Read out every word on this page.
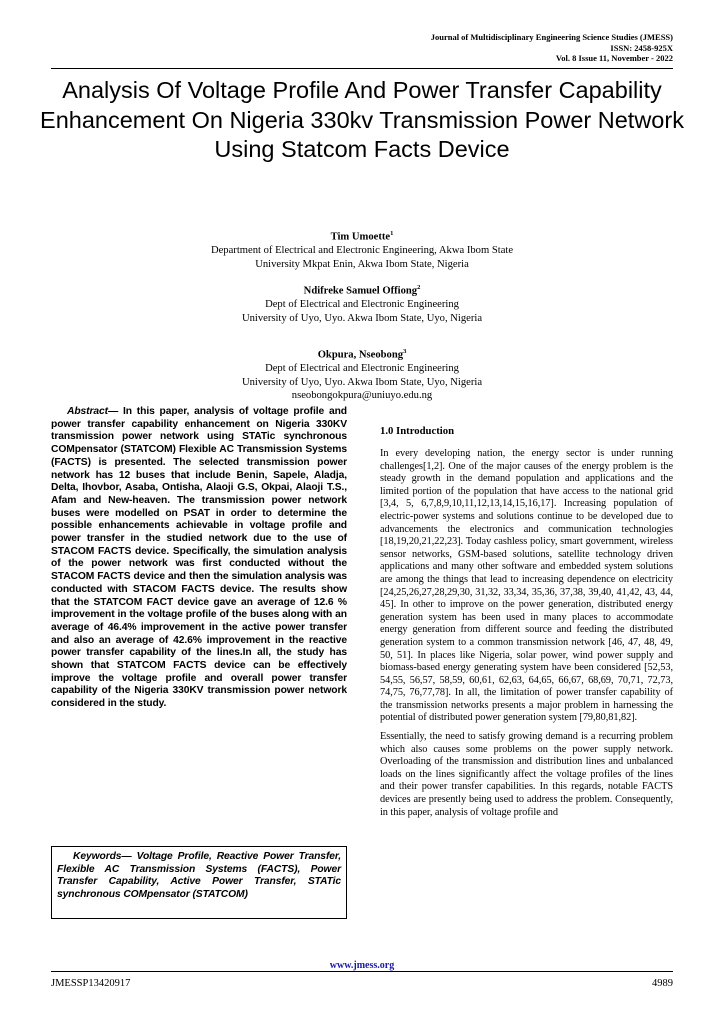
Journal of Multidisciplinary Engineering Science Studies (JMESS)
ISSN: 2458-925X
Vol. 8 Issue 11, November - 2022
Analysis Of Voltage Profile And Power Transfer Capability Enhancement On Nigeria 330kv Transmission Power Network Using Statcom Facts Device
Tim Umoette$^1$
Department of Electrical and Electronic Engineering, Akwa Ibom State
University Mkpat Enin, Akwa Ibom State, Nigeria
Ndifreke Samuel Offiong$^2$
Dept of Electrical and Electronic Engineering
University of Uyo, Uyo. Akwa Ibom State, Uyo, Nigeria
Okpura, Nseobong$^3$
Dept of Electrical and Electronic Engineering
University of Uyo, Uyo. Akwa Ibom State, Uyo, Nigeria
nseobongokpura@uniuyo.edu.ng

Abstract— In this paper, analysis of voltage profile and power transfer capability enhancement on Nigeria 330KV transmission power network using STATic synchronous COMpensator (STATCOM) Flexible AC Transmission Systems (FACTS) is presented. The selected transmission power network has 12 buses that include Benin, Sapele, Aladja, Delta, Ihovbor, Asaba, Ontisha, Alaoji G.S, Okpai, Alaoji T.S., Afam and New-heaven. The transmission power network buses were modelled on PSAT in order to determine the possible enhancements achievable in voltage profile and power transfer in the studied network due to the use of STACOM FACTS device. Specifically, the simulation analysis of the power network was first conducted without the STACOM FACTS device and then the simulation analysis was conducted with STACOM FACTS device. The results show that the STATCOM FACT device gave an average of 12.6 % improvement in the voltage profile of the buses along with an average of 46.4% improvement in the active power transfer and also an average of 42.6% improvement in the reactive power transfer capability of the lines.In all, the study has shown that STATCOM FACTS device can be effectively improve the voltage profile and overall power transfer capability of the Nigeria 330KV transmission power network considered in the study.

Keywords— Voltage Profile, Reactive Power Transfer, Flexible AC Transmission Systems (FACTS), Power Transfer Capability, Active Power Transfer, STATic synchronous COMpensator (STATCOM)

1.0 Introduction

In every developing nation, the energy sector is under running challenges[1,2]. One of the major causes of the energy problem is the steady growth in the demand population and applications and the limited portion of the population that have access to the national grid [3,4, 5, 6,7,8,9,10,11,12,13,14,15,16,17]. Increasing population of electric-power systems and solutions continue to be developed due to advancements the electronics and communication technologies [18,19,20,21,22,23]. Today cashless policy, smart government, wireless sensor networks, GSM-based solutions, satellite technology driven applications and many other software and embedded system solutions are among the things that lead to increasing dependence on electricity [24,25,26,27,28,29,30, 31,32, 33,34, 35,36, 37,38, 39,40, 41,42, 43, 44, 45]. In other to improve on the power generation, distributed energy generation system has been used in many places to accommodate energy generation from different source and feeding the distributed generation system to a common transmission network [46, 47, 48, 49, 50, 51]. In places like Nigeria, solar power, wind power supply and biomass-based energy generating system have been considered [52,53, 54,55, 56,57, 58,59, 60,61, 62,63, 64,65, 66,67, 68,69, 70,71, 72,73, 74,75, 76,77,78]. In all, the limitation of power transfer capability of the transmission networks presents a major problem in harnessing the potential of distributed power generation system [79,80,81,82].

Essentially, the need to satisfy growing demand is a recurring problem which also causes some problems on the power supply network. Overloading of the transmission and distribution lines and unbalanced loads on the lines significantly affect the voltage profiles of the lines and their power transfer capabilities. In this regards, notable FACTS devices are presently being used to address the problem. Consequently, in this paper, analysis of voltage profile and

www.jmess.org
JMESSP13420917	4989
